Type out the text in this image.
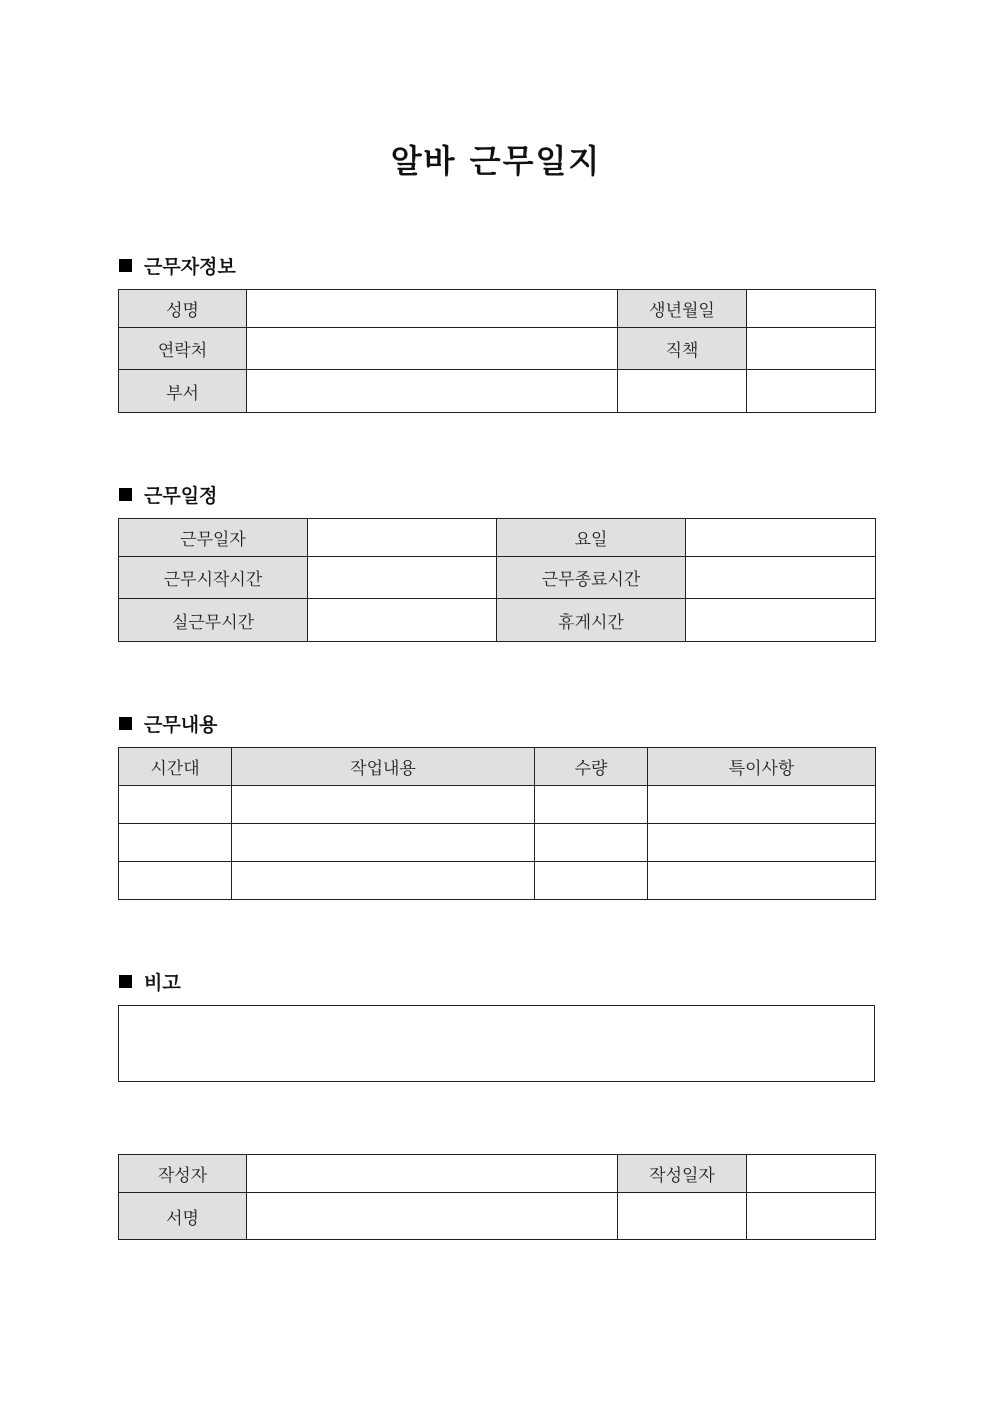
알바 근무일지
근무자정보
성명		생년월일	
연락처		직책	
부서			
근무일정
근무일자		요일	
근무시작시간		근무종료시간	
실근무시간		휴게시간	
근무내용
시간대	작업내용	수량	특이사항

비고
작성자		작성일자	
서명			
